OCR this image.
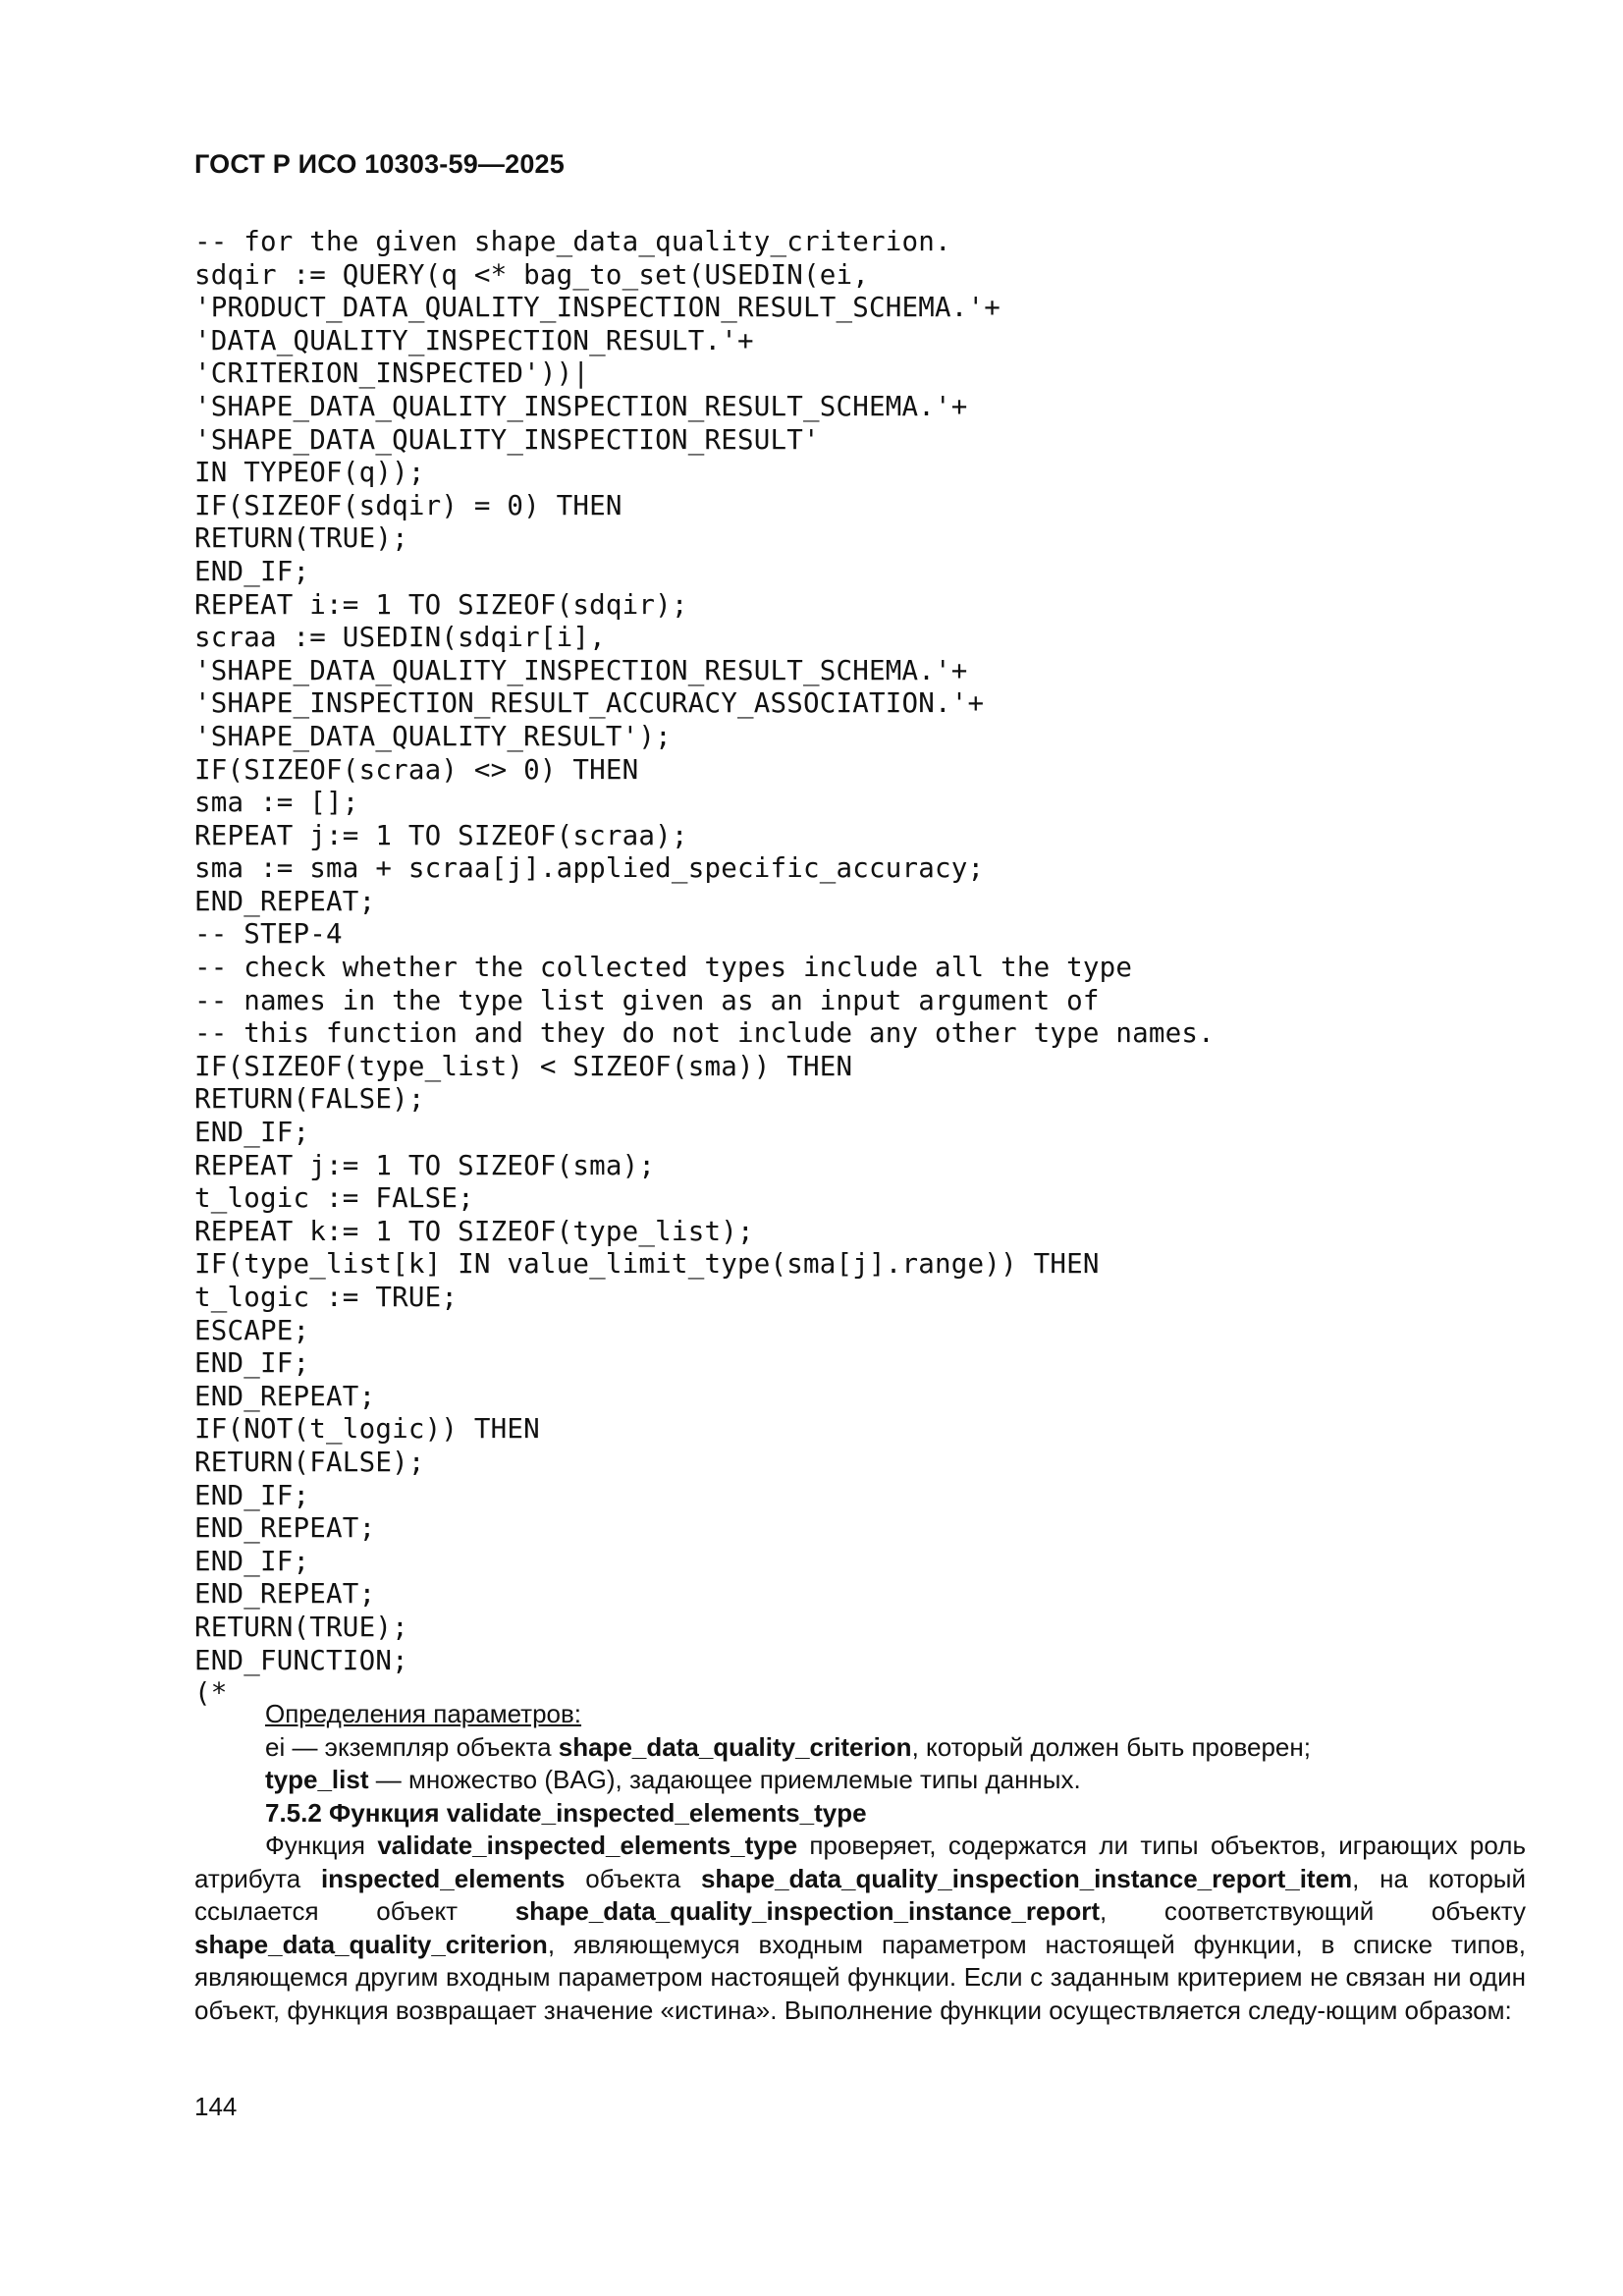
ГОСТ Р ИСО 10303-59—2025
-- for the given shape_data_quality_criterion.
sdqir := QUERY(q <* bag_to_set(USEDIN(ei,
'PRODUCT_DATA_QUALITY_INSPECTION_RESULT_SCHEMA.'+
'DATA_QUALITY_INSPECTION_RESULT.'+
'CRITERION_INSPECTED'))|
'SHAPE_DATA_QUALITY_INSPECTION_RESULT_SCHEMA.'+
'SHAPE_DATA_QUALITY_INSPECTION_RESULT'
IN TYPEOF(q));
IF(SIZEOF(sdqir) = 0) THEN
RETURN(TRUE);
END_IF;
REPEAT i:= 1 TO SIZEOF(sdqir);
scraa := USEDIN(sdqir[i],
'SHAPE_DATA_QUALITY_INSPECTION_RESULT_SCHEMA.'+
'SHAPE_INSPECTION_RESULT_ACCURACY_ASSOCIATION.'+
'SHAPE_DATA_QUALITY_RESULT');
IF(SIZEOF(scraa) <> 0) THEN
sma := [];
REPEAT j:= 1 TO SIZEOF(scraa);
sma := sma + scraa[j].applied_specific_accuracy;
END_REPEAT;
-- STEP-4
-- check whether the collected types include all the type
-- names in the type list given as an input argument of
-- this function and they do not include any other type names.
IF(SIZEOF(type_list) < SIZEOF(sma)) THEN
RETURN(FALSE);
END_IF;
REPEAT j:= 1 TO SIZEOF(sma);
t_logic := FALSE;
REPEAT k:= 1 TO SIZEOF(type_list);
IF(type_list[k] IN value_limit_type(sma[j].range)) THEN
t_logic := TRUE;
ESCAPE;
END_IF;
END_REPEAT;
IF(NOT(t_logic)) THEN
RETURN(FALSE);
END_IF;
END_REPEAT;
END_IF;
END_REPEAT;
RETURN(TRUE);
END_FUNCTION;
(*

Определения параметров:

ei — экземпляр объекта shape_data_quality_criterion, который должен быть проверен;

type_list — множество (BAG), задающее приемлемые типы данных.

7.5.2 Функция validate_inspected_elements_type

Функция validate_inspected_elements_type проверяет, содержатся ли типы объектов, играющих роль атрибута inspected_elements объекта shape_data_quality_inspection_instance_report_item, на который ссылается объект shape_data_quality_inspection_instance_report, соответствующий объекту shape_data_quality_criterion, являющемуся входным параметром настоящей функции, в списке типов, являющемся другим входным параметром настоящей функции. Если с заданным критерием не связан ни один объект, функция возвращает значение «истина». Выполнение функции осуществляется следу-ющим образом:

144
